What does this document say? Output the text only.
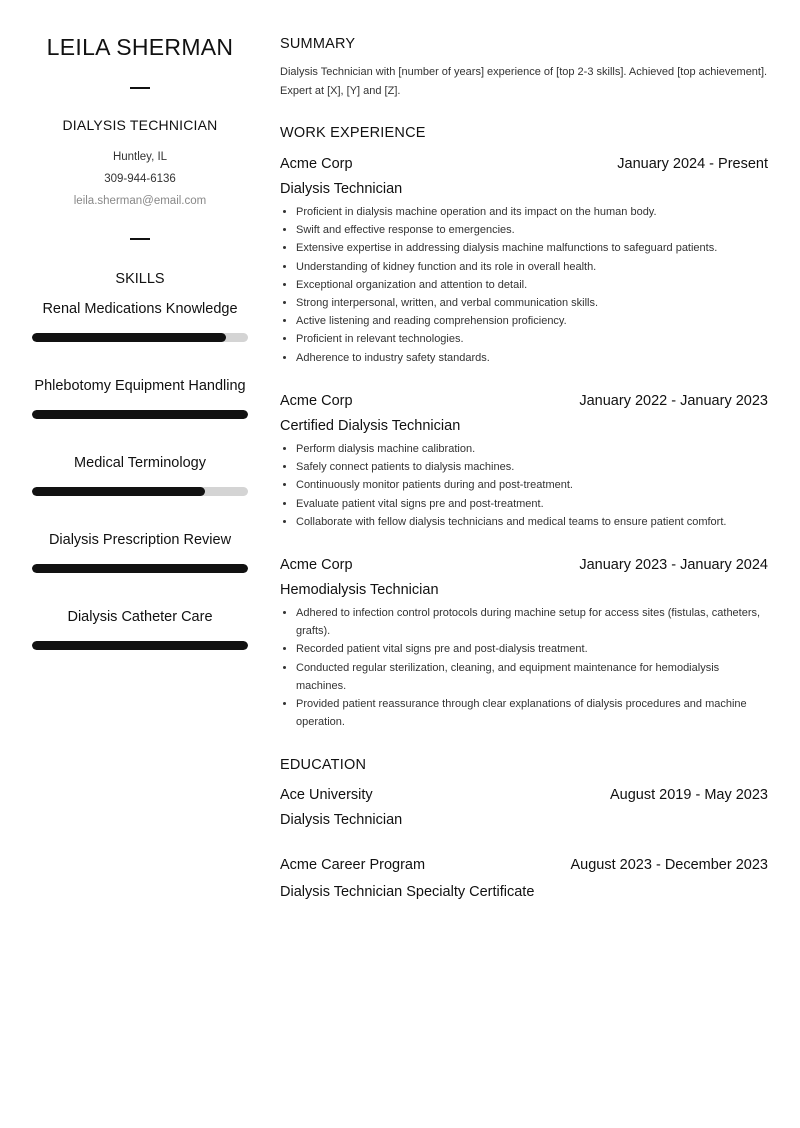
LEILA SHERMAN
DIALYSIS TECHNICIAN
Huntley, IL
309-944-6136
leila.sherman@email.com
SKILLS
Renal Medications Knowledge
Phlebotomy Equipment Handling
Medical Terminology
Dialysis Prescription Review
Dialysis Catheter Care
SUMMARY
Dialysis Technician with [number of years] experience of [top 2-3 skills]. Achieved [top achievement]. Expert at [X], [Y] and [Z].
WORK EXPERIENCE
Acme Corp	January 2024 - Present
Dialysis Technician
• Proficient in dialysis machine operation and its impact on the human body.
• Swift and effective response to emergencies.
• Extensive expertise in addressing dialysis machine malfunctions to safeguard patients.
• Understanding of kidney function and its role in overall health.
• Exceptional organization and attention to detail.
• Strong interpersonal, written, and verbal communication skills.
• Active listening and reading comprehension proficiency.
• Proficient in relevant technologies.
• Adherence to industry safety standards.
Acme Corp	January 2022 - January 2023
Certified Dialysis Technician
• Perform dialysis machine calibration.
• Safely connect patients to dialysis machines.
• Continuously monitor patients during and post-treatment.
• Evaluate patient vital signs pre and post-treatment.
• Collaborate with fellow dialysis technicians and medical teams to ensure patient comfort.
Acme Corp	January 2023 - January 2024
Hemodialysis Technician
• Adhered to infection control protocols during machine setup for access sites (fistulas, catheters, grafts).
• Recorded patient vital signs pre and post-dialysis treatment.
• Conducted regular sterilization, cleaning, and equipment maintenance for hemodialysis machines.
• Provided patient reassurance through clear explanations of dialysis procedures and machine operation.
EDUCATION
Ace University	August 2019 - May 2023
Dialysis Technician
Acme Career Program	August 2023 - December 2023
Dialysis Technician Specialty Certificate
